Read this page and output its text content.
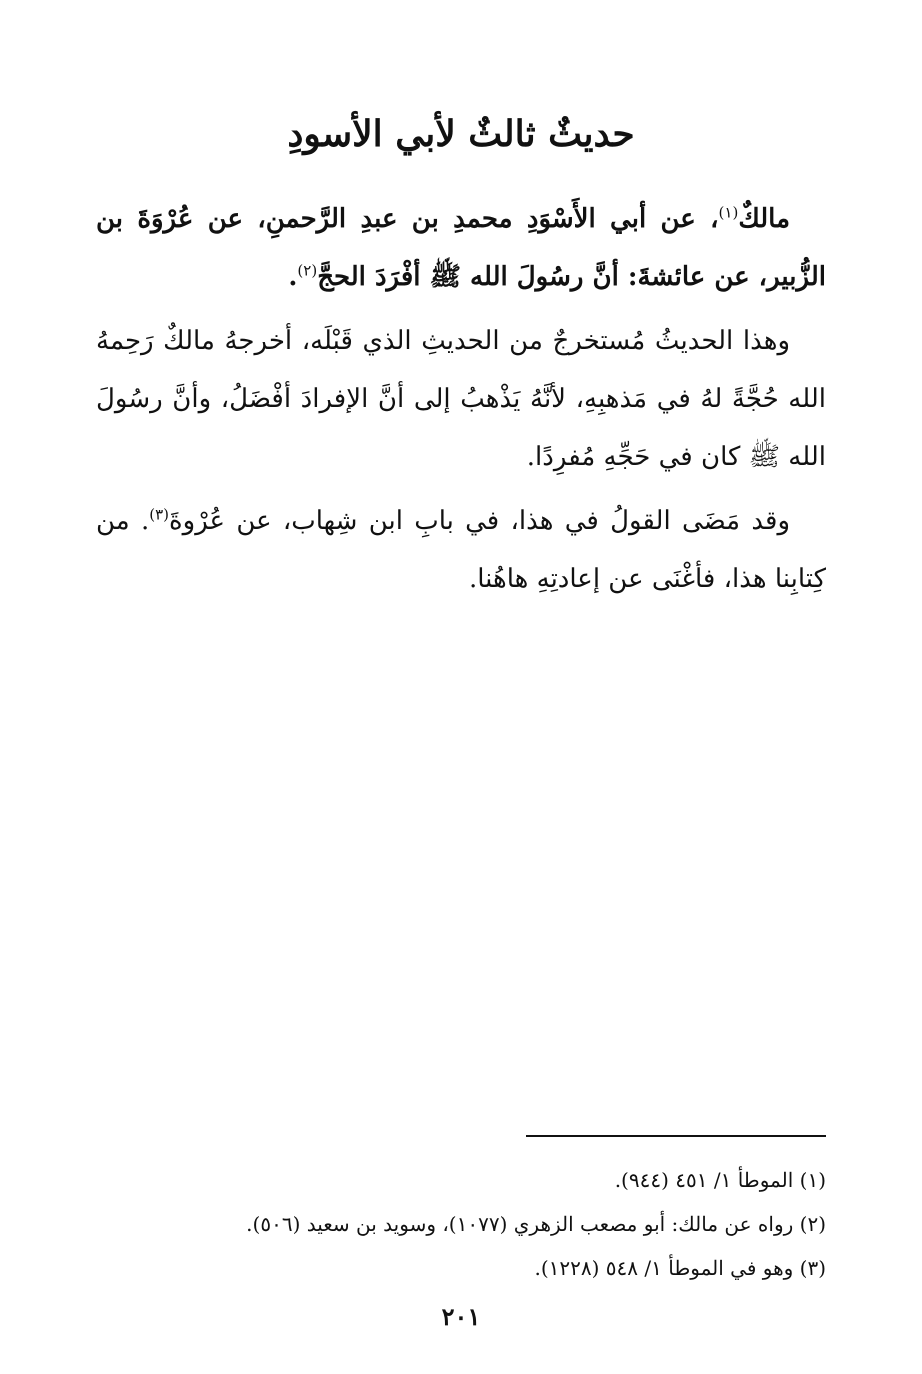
حديثٌ ثالثٌ لأبي الأسودِ

مالكٌ$^{(١)}$، عن أبي الأَسْوَدِ محمدِ بن عبدِ الرَّحمنِ، عن عُرْوَةَ بن الزُّبير، عن عائشةَ: أنَّ رسُولَ الله ﷺ أفْرَدَ الحجَّ$^{(٢)}$.

وهذا الحديثُ مُستخرجٌ من الحديثِ الذي قَبْلَه، أخرجهُ مالكٌ رَحِمهُ الله حُجَّةً لهُ في مَذهبِهِ، لأنَّهُ يَذْهبُ إلى أنَّ الإفرادَ أفْضَلُ، وأنَّ رسُولَ الله ﷺ كان في حَجِّهِ مُفرِدًا.

وقد مَضَى القولُ في هذا، في بابِ ابن شِهاب، عن عُرْوةَ$^{(٣)}$. من كِتابِنا هذا، فأغْنَى عن إعادتِهِ هاهُنا.

(١) الموطأ ١/ ٤٥١ (٩٤٤).
(٢) رواه عن مالك: أبو مصعب الزهري (١٠٧٧)، وسويد بن سعيد (٥٠٦).
(٣) وهو في الموطأ ١/ ٥٤٨ (١٢٢٨).
٢٠١
